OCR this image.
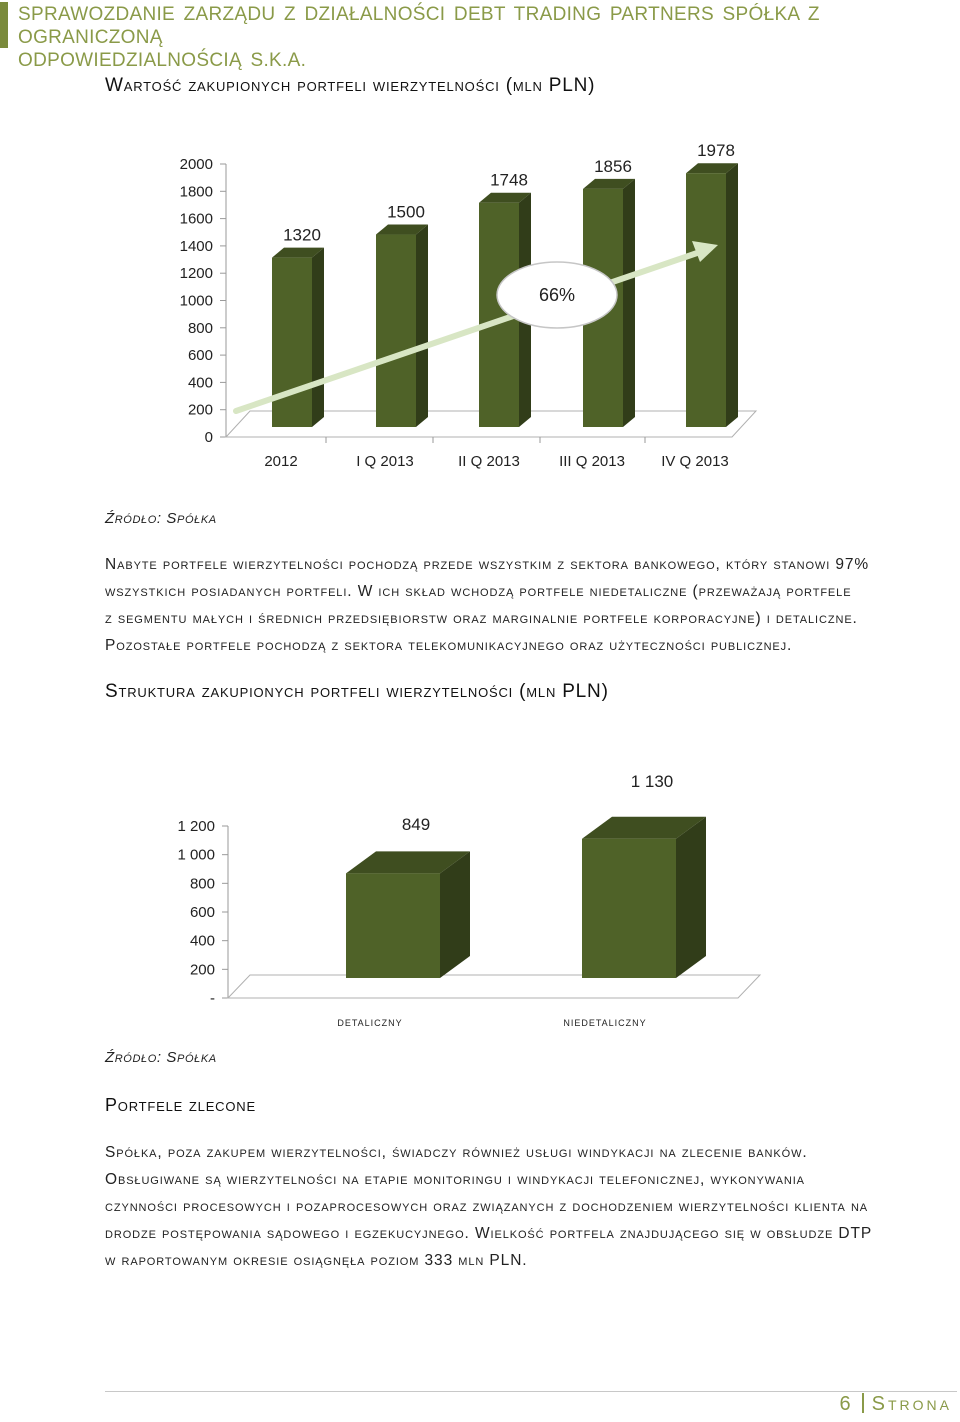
SPRAWOZDANIE ZARZĄDU Z DZIAŁALNOŚCI DEBT TRADING PARTNERS SPÓŁKA Z OGRANICZONĄ
ODPOWIEDZIALNOŚCIĄ S.K.A.
Wartość zakupionych portfeli wierzytelności (mln PLN)
2000
1800
1600
1400
1200
1000
800
600
400
200
0
1320
1500
1748
1856
1978
66%
2012	I Q 2013	II Q 2013	III Q 2013 IV Q 2013
Źródło: Spółka
Nabyte portfele wierzytelności pochodzą przede wszystkim z sektora bankowego, który stanowi 97%
wszystkich posiadanych portfeli. W ich skład wchodzą portfele niedetaliczne (przeważają portfele
z segmentu małych i średnich przedsiębiorstw oraz marginalnie portfele korporacyjne) i detaliczne.
Pozostałe portfele pochodzą z sektora telekomunikacyjnego oraz użyteczności publicznej.
Struktura zakupionych portfeli wierzytelności (mln PLN)
1 200
1 000
800
600
400
200
-
849
1 130
detaliczny	niedetaliczny
Źródło: Spółka
Portfele zlecone
Spółka, poza zakupem wierzytelności, świadczy również usługi windykacji na zlecenie banków.
Obsługiwane są wierzytelności na etapie monitoringu i windykacji telefonicznej, wykonywania
czynności procesowych i pozaprocesowych oraz związanych z dochodzeniem wierzytelności klienta na
drodze postępowania sądowego i egzekucyjnego. Wielkość portfela znajdującego się w obsłudze DTP
w raportowanym okresie osiągnęła poziom 333 mln PLN.
6 Strona
